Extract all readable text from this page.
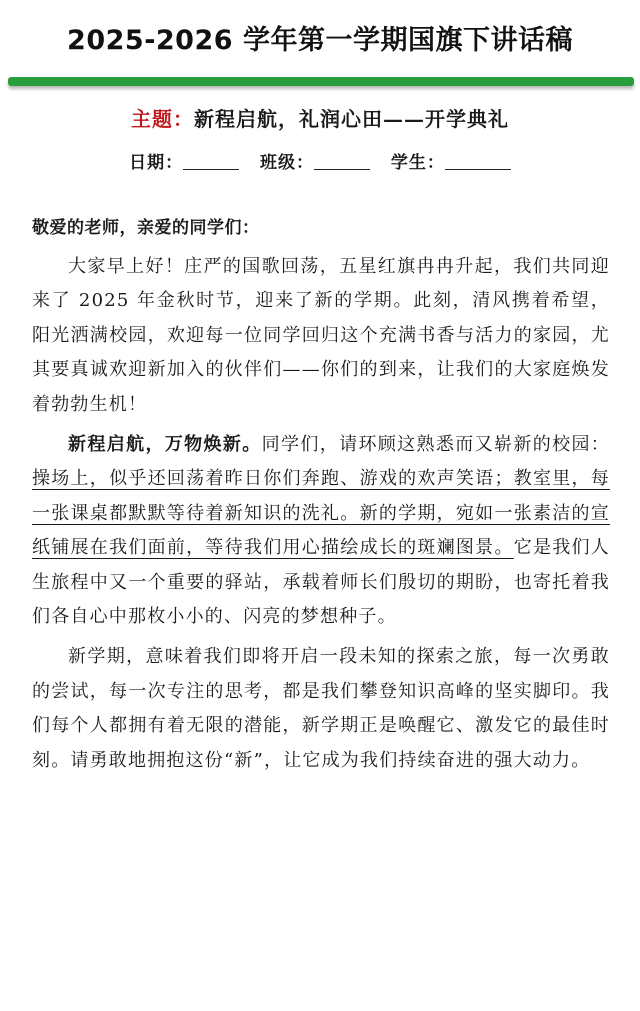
2025-2026 学年第一学期国旗下讲话稿
主题：新程启航，礼润心田——开学典礼
日期：	班级：	学生：
敬爱的老师，亲爱的同学们：

大家早上好！庄严的国歌回荡，五星红旗冉冉升起，我们共同迎来了 2025 年金秋时节，迎来了新的学期。此刻，清风携着希望，阳光洒满校园，欢迎每一位同学回归这个充满书香与活力的家园，尤其要真诚欢迎新加入的伙伴们——你们的到来，让我们的大家庭焕发着勃勃生机！

新程启航，万物焕新。同学们，请环顾这熟悉而又崭新的校园：操场上，似乎还回荡着昨日你们奔跑、游戏的欢声笑语；教室里，每一张课桌都默默等待着新知识的洗礼。新的学期，宛如一张素洁的宣纸铺展在我们面前，等待我们用心描绘成长的斑斓图景。它是我们人生旅程中又一个重要的驿站，承载着师长们殷切的期盼，也寄托着我们各自心中那枚小小的、闪亮的梦想种子。

新学期，意味着我们即将开启一段未知的探索之旅，每一次勇敢的尝试，每一次专注的思考，都是我们攀登知识高峰的坚实脚印。我们每个人都拥有着无限的潜能，新学期正是唤醒它、激发它的最佳时刻。请勇敢地拥抱这份“新”，让它成为我们持续奋进的强大动力。
